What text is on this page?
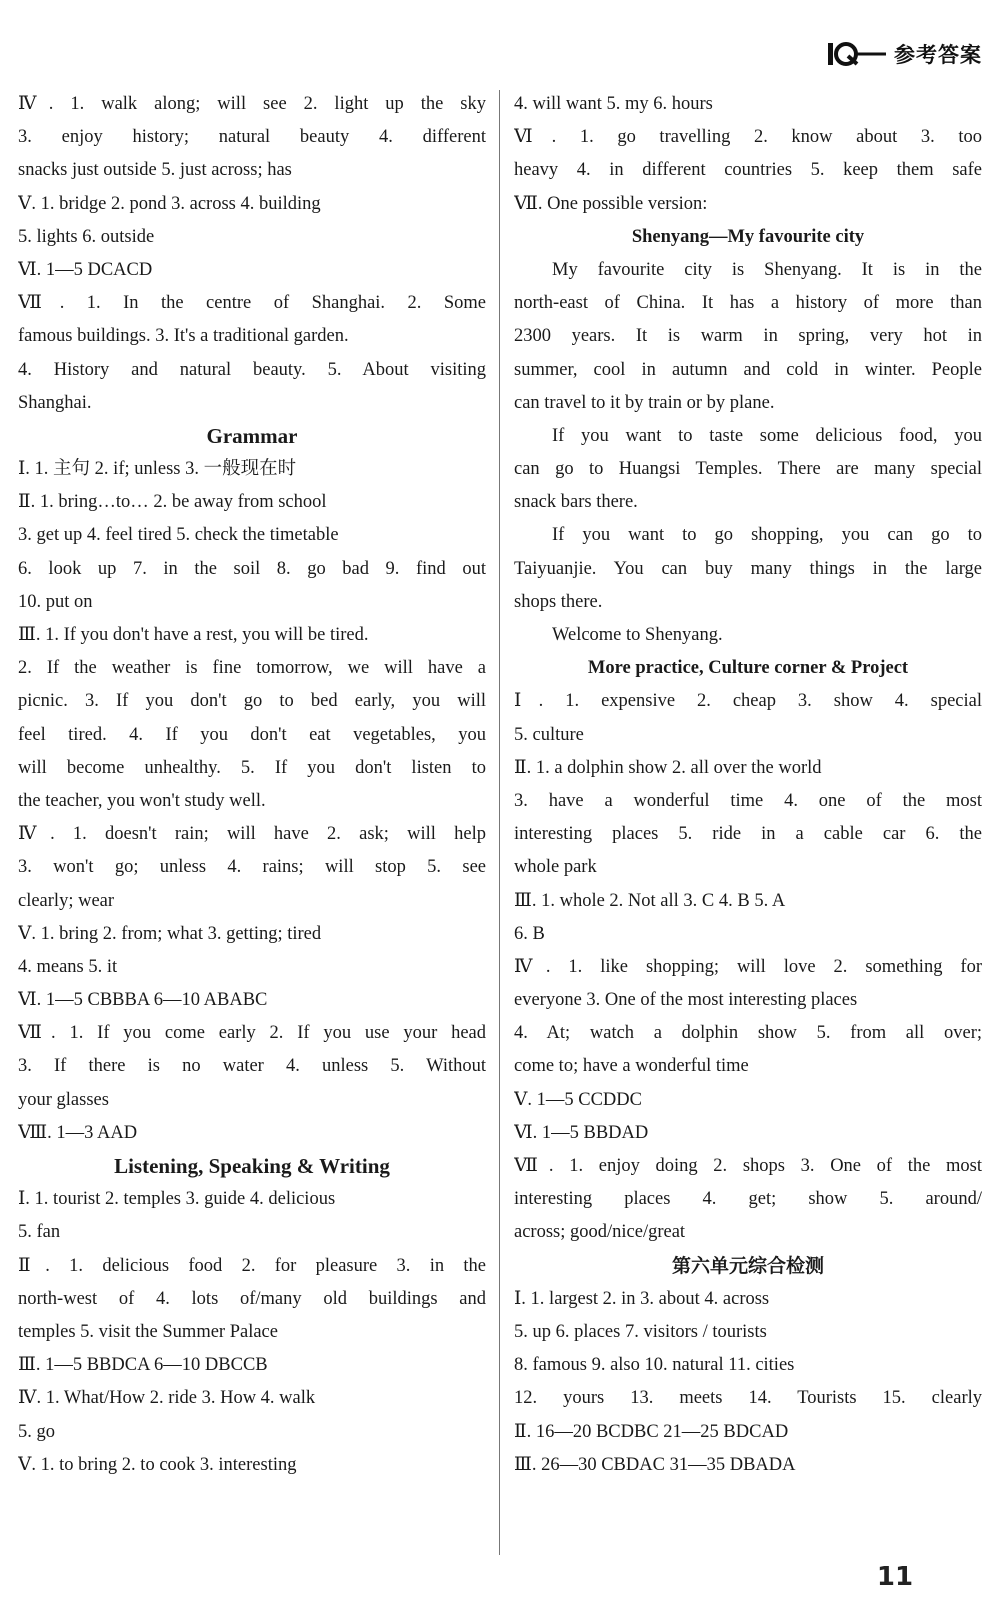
参考答案
Ⅳ. 1. walk along; will see 2. light up the sky
3. enjoy history; natural beauty 4. different
snacks just outside 5. just across; has
Ⅴ. 1. bridge 2. pond 3. across 4. building
5. lights 6. outside
Ⅵ. 1—5 DCACD
Ⅶ. 1. In the centre of Shanghai. 2. Some
famous buildings. 3. It's a traditional garden.
4. History and natural beauty. 5. About visiting
Shanghai.
Grammar
Ⅰ. 1. 主句 2. if; unless 3. 一般现在时
Ⅱ. 1. bring…to… 2. be away from school
3. get up 4. feel tired 5. check the timetable
6. look up 7. in the soil 8. go bad 9. find out
10. put on
Ⅲ. 1. If you don't have a rest, you will be tired.
2. If the weather is fine tomorrow, we will have a
picnic. 3. If you don't go to bed early, you will
feel tired. 4. If you don't eat vegetables, you
will become unhealthy. 5. If you don't listen to
the teacher, you won't study well.
Ⅳ. 1. doesn't rain; will have 2. ask; will help
3. won't go; unless 4. rains; will stop 5. see
clearly; wear
Ⅴ. 1. bring 2. from; what 3. getting; tired
4. means 5. it
Ⅵ. 1—5 CBBBA 6—10 ABABC
Ⅶ. 1. If you come early 2. If you use your head
3. If there is no water 4. unless 5. Without
your glasses
Ⅷ. 1—3 AAD
Listening, Speaking & Writing
Ⅰ. 1. tourist 2. temples 3. guide 4. delicious
5. fan
Ⅱ. 1. delicious food 2. for pleasure 3. in the
north-west of 4. lots of/many old buildings and
temples 5. visit the Summer Palace
Ⅲ. 1—5 BBDCA 6—10 DBCCB
Ⅳ. 1. What/How 2. ride 3. How 4. walk
5. go
Ⅴ. 1. to bring 2. to cook 3. interesting
4. will want 5. my 6. hours
Ⅵ. 1. go travelling 2. know about 3. too
heavy 4. in different countries 5. keep them safe
Ⅶ. One possible version:
Shenyang—My favourite city
My favourite city is Shenyang. It is in the
north-east of China. It has a history of more than
2300 years. It is warm in spring, very hot in
summer, cool in autumn and cold in winter. People
can travel to it by train or by plane.
If you want to taste some delicious food, you
can go to Huangsi Temples. There are many special
snack bars there.
If you want to go shopping, you can go to
Taiyuanjie. You can buy many things in the large
shops there.
Welcome to Shenyang.
More practice, Culture corner & Project
Ⅰ. 1. expensive 2. cheap 3. show 4. special
5. culture
Ⅱ. 1. a dolphin show 2. all over the world
3. have a wonderful time 4. one of the most
interesting places 5. ride in a cable car 6. the
whole park
Ⅲ. 1. whole 2. Not all 3. C 4. B 5. A
6. B
Ⅳ. 1. like shopping; will love 2. something for
everyone 3. One of the most interesting places
4. At; watch a dolphin show 5. from all over;
come to; have a wonderful time
Ⅴ. 1—5 CCDDC
Ⅵ. 1—5 BBDAD
Ⅶ. 1. enjoy doing 2. shops 3. One of the most
interesting places 4. get; show 5. around/
across; good/nice/great
第六单元综合检测
Ⅰ. 1. largest 2. in 3. about 4. across
5. up 6. places 7. visitors / tourists
8. famous 9. also 10. natural 11. cities
12. yours 13. meets 14. Tourists 15. clearly
Ⅱ. 16—20 BCDBC 21—25 BDCAD
Ⅲ. 26—30 CBDAC 31—35 DBADA
11
